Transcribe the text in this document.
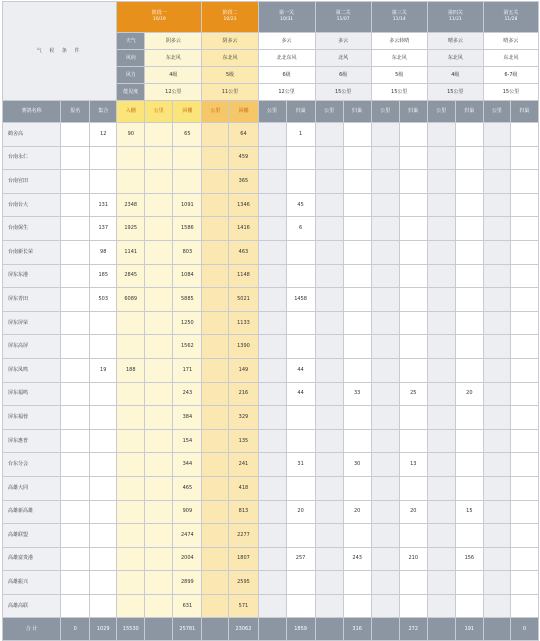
气 候 条 件			阶段一
10/19			阶段二
10/23		第一关
10/31		第二关
11/07		第三关
11/14		第四关
11/21		第五关
11/28	

			天气	阴多云		阴多云		多云		多云		多云转晴		晴多云		晴多云	
			风向	东北风		东北风		北北东风		北风		东北风		东北风		东北风	
			风力	4级		5级		6级		6级		5级		4级		6-7级	
			能见度	12公里		11公里		12公里		15公里		15公里		15公里		15公里	
赛鸽名称	报名	集合	入棚	公里	回棚	公里	回棚	公里	归巢	公里	归巢	公里	归巢	公里	归巢	公里	归巢
鹤舍高		12	90		65		64		1								
台南永仁							459										
台南官田							365										
台南台大		131	2348		1091		1346		45								
台南保生		137	1925		1586		1416		6								
台南新长荣		98	1141		803		463										
屏东东港		185	2845		1084		1148										
屏东青田		503	6089		5885		5021		1458								
屏东屏荣					1250		1133										
屏东高屏					1562		1390										
屏东凤鸣		19	188		171		149		44								
屏东福鸣					243		216		44		33		25		20		
屏东福蓉					384		329										
屏东惠普					154		135										
台东分会					344		241		31		30		13				
高雄大同					465		418										
高雄新高雄					909		813		20		20		20		15		
高雄联盟					2474		2277										
高雄富贵港					2004		1807		257		243		210		156		
高雄振兴					2899		2595										
高雄高联					631		571										
合 计	0	1029	15530		25781		23062		1859		316		272		191		0
